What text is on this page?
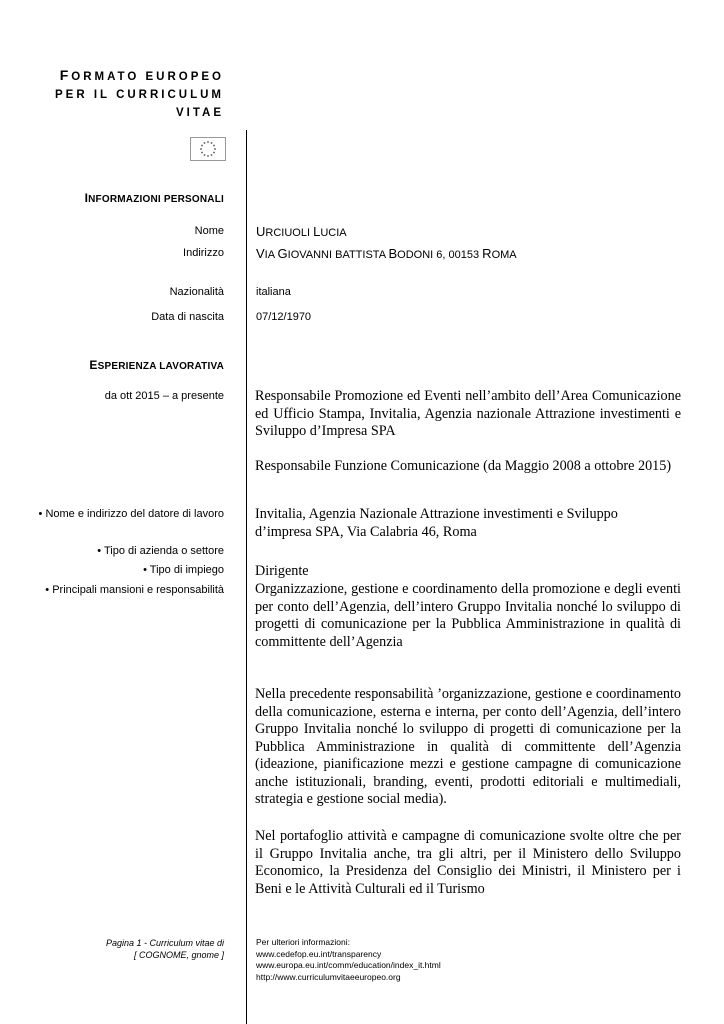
FORMATO EUROPEO
PER IL CURRICULUM
VITAE
INFORMAZIONI PERSONALI
Nome URCIUOLI LUCIA
Indirizzo VIA GIOVANNI BATTISTA BODONI 6, 00153 ROMA
Nazionalità	italiana
Data di nascita	07/12/1970
ESPERIENZA LAVORATIVA
da ott 2015 – a presente Responsabile Promozione ed Eventi nell’ambito dell’Area Comunicazione ed Ufficio Stampa, Invitalia, Agenzia nazionale Attrazione investimenti e Sviluppo d’Impresa SPA
Responsabile Funzione Comunicazione (da Maggio 2008 a ottobre 2015)
• Nome e indirizzo del datore di lavoro Invitalia, Agenzia Nazionale Attrazione investimenti e Sviluppo d’impresa SPA, Via Calabria 46, Roma
• Tipo di azienda o settore
• Tipo di impiego
• Principali mansioni e responsabilità
Dirigente
Organizzazione, gestione e coordinamento della promozione e degli eventi per conto dell’Agenzia, dell’intero Gruppo Invitalia nonché lo sviluppo di progetti di comunicazione per la Pubblica Amministrazione in qualità di committente dell’Agenzia
Nella precedente responsabilità ’organizzazione, gestione e coordinamento della comunicazione, esterna e interna, per conto dell’Agenzia, dell’intero Gruppo Invitalia nonché lo sviluppo di progetti di comunicazione per la Pubblica Amministrazione in qualità di committente dell’Agenzia (ideazione, pianificazione mezzi e gestione campagne di comunicazione anche istituzionali, branding, eventi, prodotti editoriali e multimediali, strategia e gestione social media).
Nel portafoglio attività e campagne di comunicazione svolte oltre che per il Gruppo Invitalia anche, tra gli altri, per il Ministero dello Sviluppo Economico, la Presidenza del Consiglio dei Ministri, il Ministero per i Beni e le Attività Culturali ed il Turismo
Pagina 1 - Curriculum vitae di
[ COGNOME, gnome ]
Per ulteriori informazioni:
www.cedefop.eu.int/transparency
www.europa.eu.int/comm/education/index_it.html
http://www.curriculumvitaeeuropeo.org
